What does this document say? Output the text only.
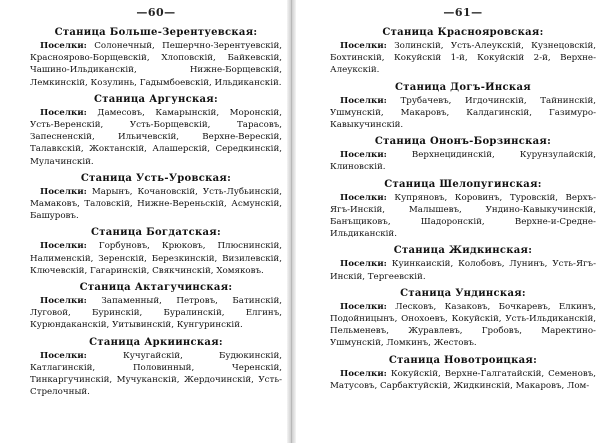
—60—
Станица Больше-Зерентуевская:

Поселки: Солонечный, Пешерчно-Зерентуевскій, Красноярово-Борщевскій, Хлоповскій, Байкевскій, Чашино-Ильдиканскій, Нижне-Борщевскій, Лемкинскій, Козулинь, Гадымбоевскій, Ильдиканскій.

Станица Аргунская:

Поселки: Дамесовъ, Камарынскій, Моронскій, Усть-Веренскій, Усть-Борщевскій, Тарасовъ, Запесненскій, Ильичевскій, Верхне-Верескій, Талавкскій, Жоктанскій, Алашерскій, Середкинскій, Мулачинскій.

Станица Усть-Уровская:

Поселки: Марынъ, Кочановскій, Усть-Лубьинскій, Мамаковъ, Таловскій, Нижне-Вереньскій, Асмунскій, Башуровъ.

Станица Богдатская:

Поселки: Горбуновъ, Крюковъ, Плюснинскій, Налименскій, Зеренскій, Березкинскій, Визилевскій, Ключевскій, Гагаринскій, Свякчинскій, Хомяковъ.

Станица Актагучинская:

Поселки: Запаменный, Петровъ, Батинскій, Луговой, Буринскій, Буралинскій, Елгинъ, Курюндаканскій, Уитывинскій, Кунгуринскій.

Станица Аркиинская:

Поселки:	Кучугайскій, Будюкинскій, Катлагинскій, Половинный, Черенскій, Тинкаргучинскій, Мучуканскій, Жердочинскій, Усть-Стрелочный.

—61—
Станица Краснояровская:

Поселки: Золинскій, Усть-Алеукскій, Кузнецовскій, Бохтинскій, Кокуйскій 1-й, Кокуйскій 2-й, Верхне-Алеукскій.

Станица Догъ-Инская

Поселки: Трубачевъ, Игдочинскій, Тайнинскій, Ушмунскій, Макаровъ, Калдагинскій, Газимуро-Кавыкучинскій.

Станица Ононъ-Борзинская:

Поселки:	Верхнецидинскій, Курунзулайскій, Клиновскій.

Станица Шелопугинская:

Поселки: Купряновъ, Коровинъ, Туровскій, Верхъ-Ягъ-Инскій, Малышевъ, Ундино-Кавыкучинскій, Банъщиковъ, Шадоронскій, Верхне-и-Средне-Ильдиканскій.

Станица Жидкинская:

Поселки: Куинкаискій, Колобовъ, Лунинъ, Усть-Ягъ-Инскій, Тергеевскій.

Станица Ундинская:

Поселки: Лесковъ, Казаковъ, Бочкаревъ, Елкинъ, Подойницынъ, Онохоевъ, Кокуйскій, Усть-Ильдиканскій, Пельменевъ, Журавлевъ, Гробовъ, Маректино-Ушмунскій, Ломкинъ, Жестовъ.

Станица Новотроицкая:

Поселки: Кокуйскій, Верхне-Галгатайскій, Семеновъ, Матусовъ, Сарбактуйскій, Жидкинскій, Макаровъ, Лом-
